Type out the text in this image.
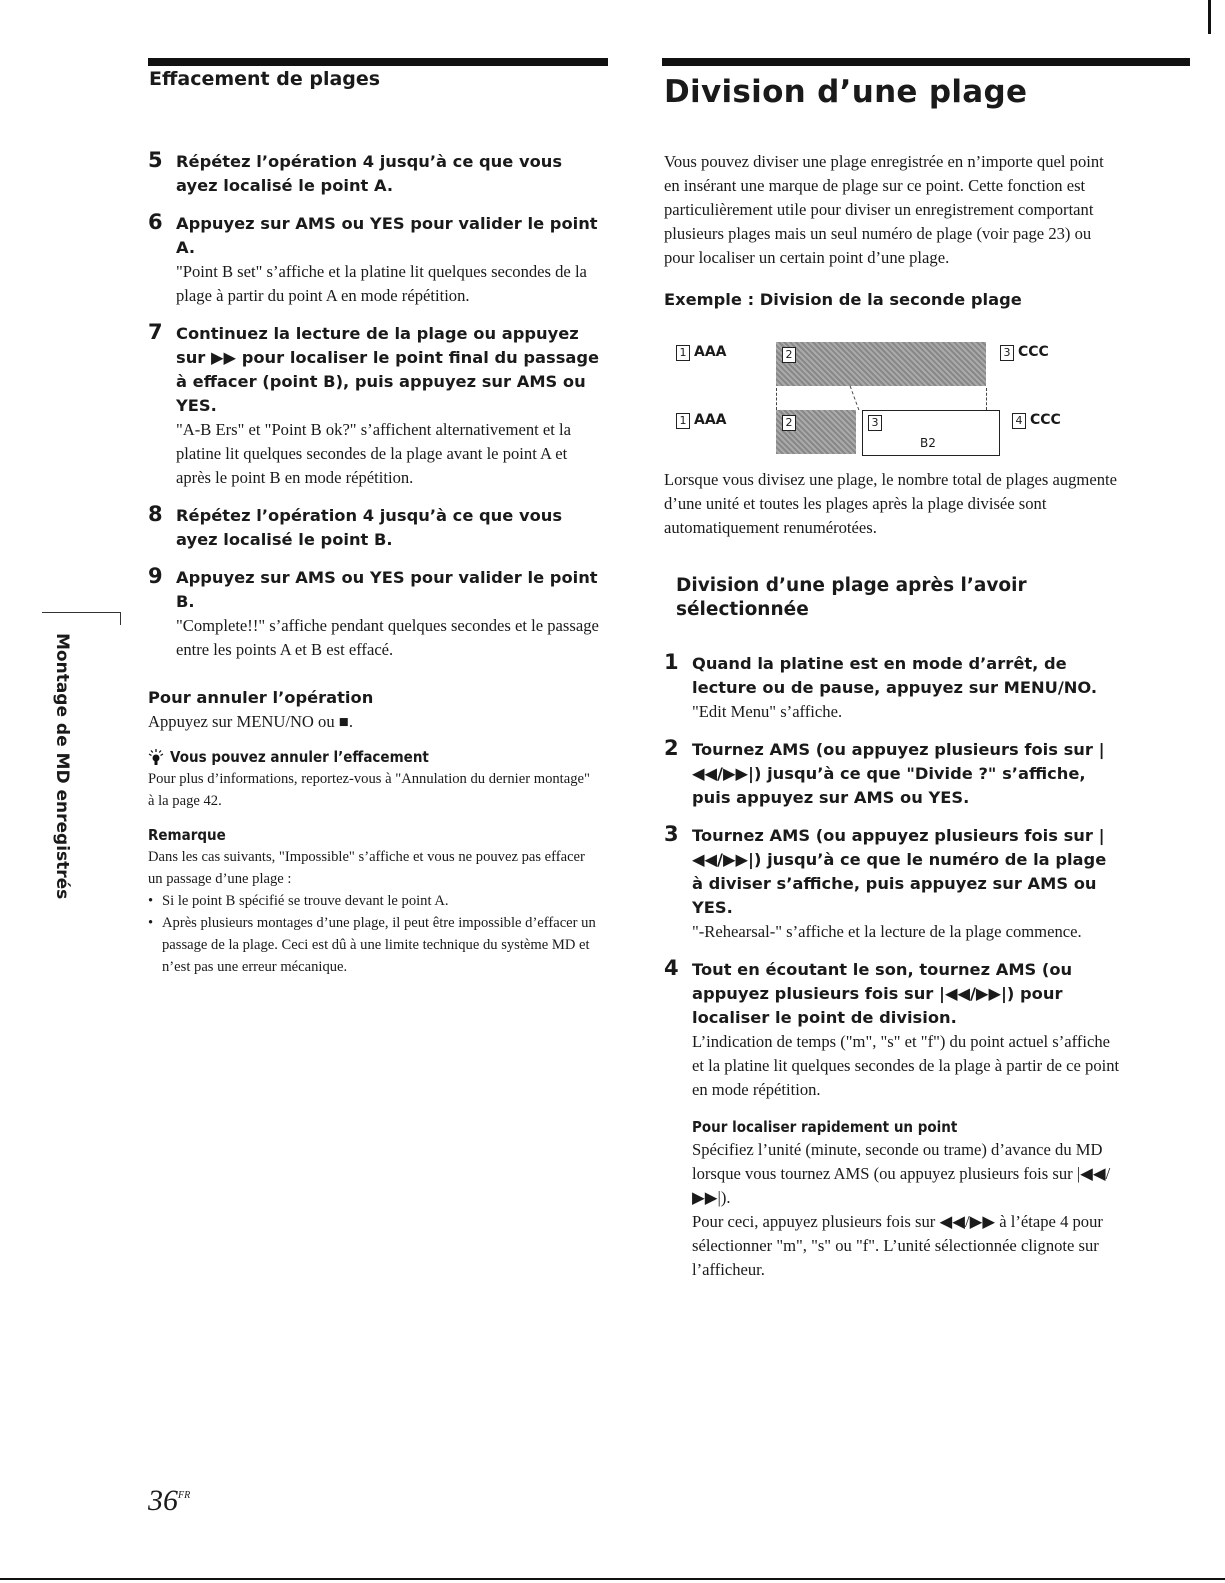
Effacement de plages	Division d’une plage
5 Répétez l’opération 4 jusqu’à ce que vous ayez localisé le point A.
6 Appuyez sur AMS ou YES pour valider le point A.
"Point B set" s’affiche et la platine lit quelques secondes de la plage à partir du point A en mode répétition.
7 Continuez la lecture de la plage ou appuyez sur ▶▶ pour localiser le point final du passage à effacer (point B), puis appuyez sur AMS ou YES.
"A-B Ers" et "Point B ok?" s’affichent alternativement et la platine lit quelques secondes de la plage avant le point A et après le point B en mode répétition.
8 Répétez l’opération 4 jusqu’à ce que vous ayez localisé le point B.
9 Appuyez sur AMS ou YES pour valider le point B.
"Complete!!" s’affiche pendant quelques secondes et le passage entre les points A et B est effacé.

Pour annuler l’opération

Appuyez sur MENU/NO ou ■.

Vous pouvez annuler l’effacement

Pour plus d’informations, reportez-vous à "Annulation du dernier montage" à la page 42.

Remarque

Dans les cas suivants, "Impossible" s’affiche et vous ne pouvez pas effacer un passage d’une plage :

• Si le point B spécifié se trouve devant le point A.
• Après plusieurs montages d’une plage, il peut être impossible d’effacer un passage de la plage. Ceci est dû à une limite technique du système MD et n’est pas une erreur mécanique.
Montage de MD enregistrés

Vous pouvez diviser une plage enregistrée en n’importe quel point en insérant une marque de plage sur ce point. Cette fonction est particulièrement utile pour diviser un enregistrement comportant plusieurs plages mais un seul numéro de plage (voir page 23) ou pour localiser un certain point d’une plage.

Exemple : Division de la seconde plage

1 AAA	2	3 CCC
1 AAA	2	3
B2
4 CCC

Lorsque vous divisez une plage, le nombre total de plages augmente d’une unité et toutes les plages après la plage divisée sont automatiquement renumérotées.

Division d’une plage après l’avoir sélectionnée
1 Quand la platine est en mode d’arrêt, de lecture ou de pause, appuyez sur MENU/NO.
"Edit Menu" s’affiche.
2 Tournez AMS (ou appuyez plusieurs fois sur |◀◀/▶▶|) jusqu’à ce que "Divide ?" s’affiche, puis appuyez sur AMS ou YES.
3 Tournez AMS (ou appuyez plusieurs fois sur |◀◀/▶▶|) jusqu’à ce que le numéro de la plage à diviser s’affiche, puis appuyez sur AMS ou YES.
"-Rehearsal-" s’affiche et la lecture de la plage commence.
4 Tout en écoutant le son, tournez AMS (ou appuyez plusieurs fois sur |◀◀/▶▶|) pour localiser le point de division.
L’indication de temps ("m", "s" et "f") du point actuel s’affiche et la platine lit quelques secondes de la plage à partir de ce point en mode répétition.
Pour localiser rapidement un point

Spécifiez l’unité (minute, seconde ou trame) d’avance du MD lorsque vous tournez AMS (ou appuyez plusieurs fois sur |◀◀/▶▶|).

Pour ceci, appuyez plusieurs fois sur ◀◀/▶▶ à l’étape 4 pour sélectionner "m", "s" ou "f". L’unité sélectionnée clignote sur l’afficheur.

$36^{FR}$
